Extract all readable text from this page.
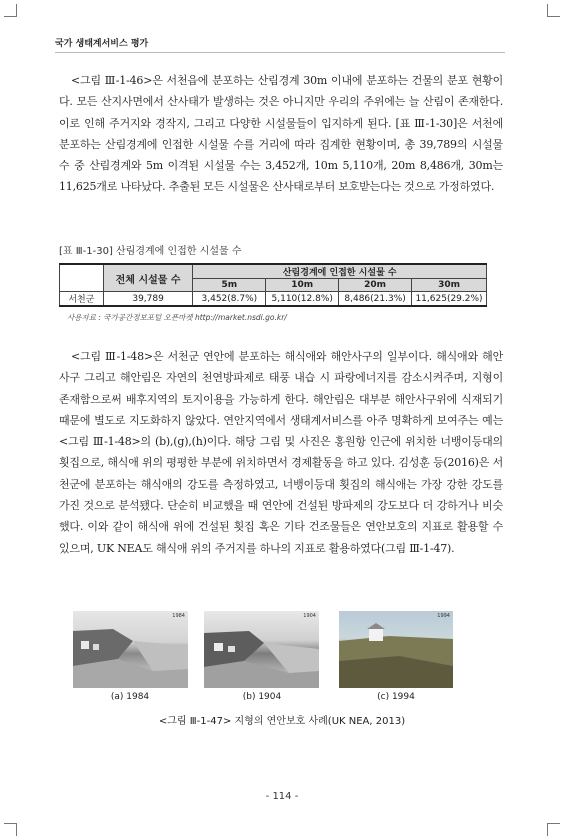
국가 생태계서비스 평가

<그림 Ⅲ-1-46>은 서천읍에 분포하는 산림경계 30m 이내에 분포하는 건물의 분포 현황이다. 모든 산지사면에서 산사태가 발생하는 것은 아니지만 우리의 주위에는 늘 산림이 존재한다. 이로 인해 주거지와 경작지, 그리고 다양한 시설물들이 입지하게 된다. [표 Ⅲ-1-30]은 서천에 분포하는 산림경계에 인접한 시설물 수를 거리에 따라 집계한 현황이며, 총 39,789의 시설물 수 중 산림경계와 5m 이격된 시설물 수는 3,452개, 10m 5,110개, 20m 8,486개, 30m는 11,625개로 나타났다. 추출된 모든 시설물은 산사태로부터 보호받는다는 것으로 가정하였다.

[표 Ⅲ-1-30] 산림경계에 인접한 시설물 수
	전체 시설물 수	산림경계에 인접한 시설물 수			
		5m	10m	20m	30m
서천군	39,789	3,452(8.7%)	5,110(12.8%)	8,486(21.3%)	11,625(29.2%)
사용자료 : 국가공간정보포털 오픈마켓 http://market.nsdi.go.kr/

<그림 Ⅲ-1-48>은 서천군 연안에 분포하는 해식애와 해안사구의 일부이다. 해식애와 해안사구 그리고 해안림은 자연의 천연방파제로 태풍 내습 시 파랑에너지를 감소시켜주며, 지형이 존재함으로써 배후지역의 토지이용을 가능하게 한다. 해안림은 대부분 해안사구위에 식재되기 때문에 별도로 지도화하지 않았다. 연안지역에서 생태계서비스를 아주 명확하게 보여주는 예는 <그림 Ⅲ-1-48>의 (b),(g),(h)이다. 해당 그림 및 사진은 홍원항 인근에 위치한 너뱅이등대의 횟집으로, 해식애 위의 평평한 부분에 위치하면서 경제활동을 하고 있다. 김성훈 등(2016)은 서천군에 분포하는 해식애의 강도를 측정하였고, 너뱅이등대 횟집의 해식애는 가장 강한 강도를 가진 것으로 분석됐다. 단순히 비교했을 때 연안에 건설된 방파제의 강도보다 더 강하거나 비슷했다. 이와 같이 해식애 위에 건설된 횟집 혹은 기타 건조물들은 연안보호의 지표로 활용할 수 있으며, UK NEA도 해식애 위의 주거지를 하나의 지표로 활용하였다(그림 Ⅲ-1-47).

1984	1904	1994
(a) 1984	(b) 1904	(c) 1994
<그림 Ⅲ-1-47> 지형의 연안보호 사례(UK NEA, 2013)
- 114 -
